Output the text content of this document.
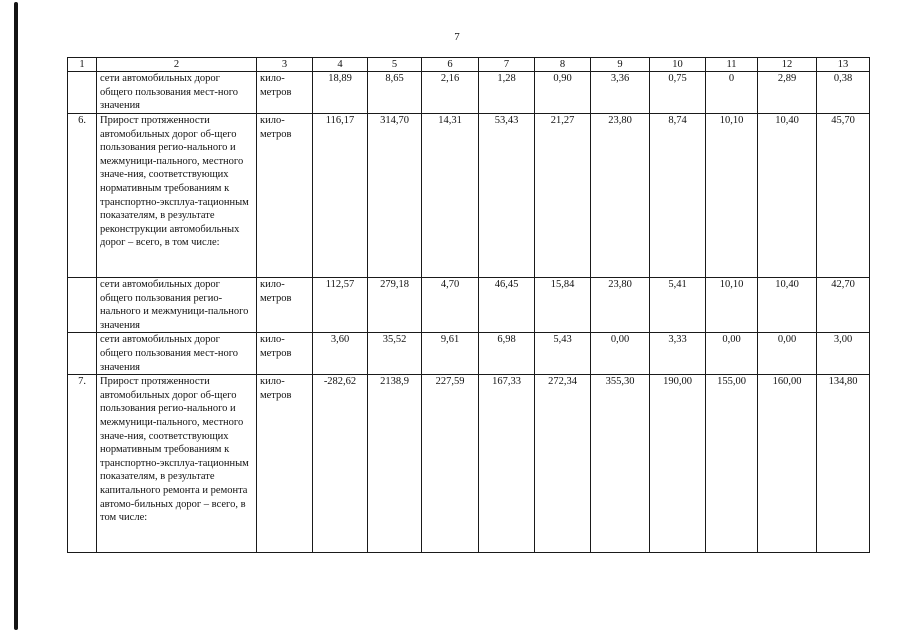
7
1	2	3	4	5	6	7	8	9	10	11	12	13
	сети автомобильных дорог общего пользования мест-ного значения	кило-метров	18,89	8,65	2,16	1,28	0,90	3,36	0,75	0	2,89	0,38
6.	Прирост протяженности автомобильных дорог об-щего пользования регио-нального и межмуници-пального, местного значе-ния, соответствующих нормативным требованиям к транспортно-эксплуа-тационным показателям, в результате реконструкции автомобильных дорог – всего, в том числе:	кило-метров	116,17	314,70	14,31	53,43	21,27	23,80	8,74	10,10	10,40	45,70
	сети автомобильных дорог общего пользования регио-нального и межмуници-пального значения	кило-метров	112,57	279,18	4,70	46,45	15,84	23,80	5,41	10,10	10,40	42,70
	сети автомобильных дорог общего пользования мест-ного значения	кило-метров	3,60	35,52	9,61	6,98	5,43	0,00	3,33	0,00	0,00	3,00
7.	Прирост протяженности автомобильных дорог об-щего пользования регио-нального и межмуници-пального, местного значе-ния, соответствующих нормативным требованиям к транспортно-эксплуа-тационным показателям, в результате капитального ремонта и ремонта автомо-бильных дорог – всего, в том числе:	кило-метров	-282,62	2138,9	227,59	167,33	272,34	355,30	190,00	155,00	160,00	134,80
